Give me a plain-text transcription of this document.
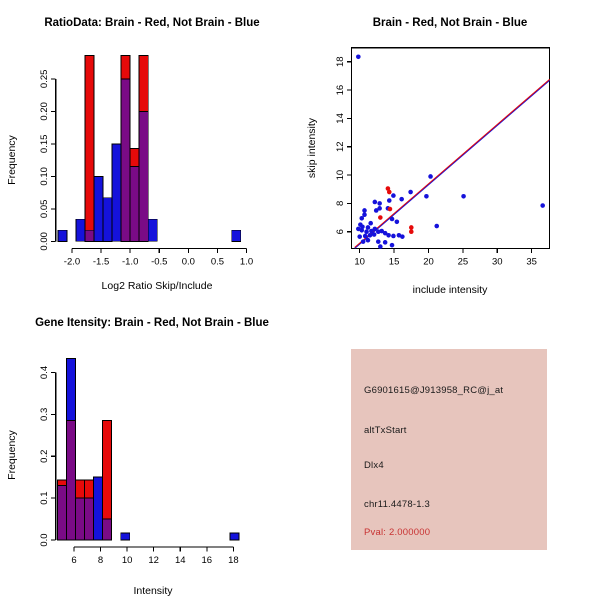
-2.0 -1.5 -1.0 -0.5 0.0 0.5 1.0
0.00
0.05
0.10
0.15
0.20
0.25
10	15	20	25	30	35
6
8
10
12
14
16
18
6 8 10 12 14 16 18
0.0
0.1
0.2
0.3
0.4
RatioData: Brain - Red, Not Brain - Blue
Log2 Ratio Skip/Include
Frequency
Brain - Red, Not Brain - Blue
include intensity
skip intensity
Gene Itensity: Brain - Red, Not Brain - Blue
Intensity
Frequency
G6901615@J913958_RC@j_at
altTxStart
Dlx4
chr11.4478-1.3
Pval: 2.000000
